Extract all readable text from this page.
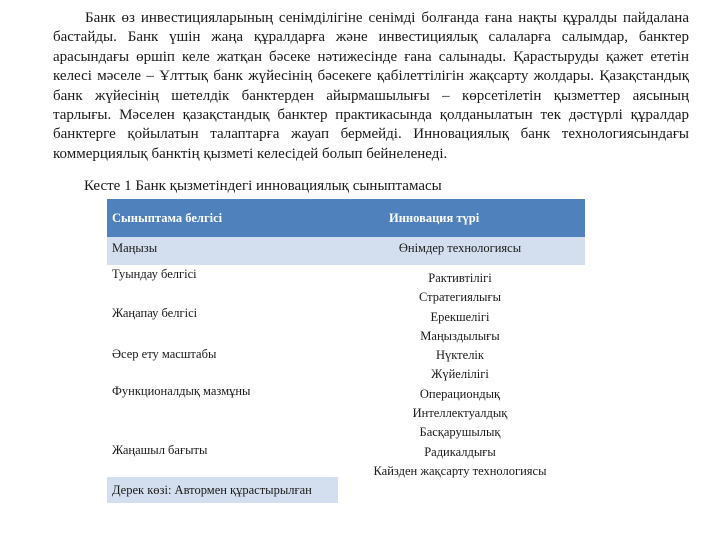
Банк өз инвестицияларының сенімділігіне сенімді болғанда ғана нақты құралды пайдалана
бастайды. Банк үшін жаңа құралдарға және инвестициялық салаларға салымдар, банктер
арасындағы өршіп келе жатқан бәсеке нәтижесінде ғана салынады. Қарастыруды қажет ететін
келесі мәселе – Ұлттық банк жүйесінің бәсекеге қабілеттілігін жақсарту жолдары. Қазақстандық
банк жүйесінің шетелдік банктерден айырмашылығы – көрсетілетін қызметтер аясының
тарлығы. Мәселен қазақстандық банктер практикасында қолданылатын тек дәстүрлі құралдар
банктерге қойылатын талаптарға жауап бермейді. Инновациялық банк технологиясындағы
коммерциялық банктің қызметі келесідей болып бейнеленеді.
Кесте 1 Банк қызметіндегі инновациялық сыныптамасы
Сыныптама белгісі	Инновация түрі
Маңызы	Өнімдер технологиясы
Туындау белгісі
Жаңапау белгісі
Әсер ету масштабы
Функционалдық мазмұны
Жаңашыл бағыты
Рактивтілігі
Стратегиялығы
Ерекшелігі
Маңыздылығы
Нүктелік
Жүйелілігі
Операциондық
Интеллектуалдық
Басқарушылық
Радикалдығы
Кайзден жақсарту технологиясы
Дерек көзі: Автормен құрастырылған
